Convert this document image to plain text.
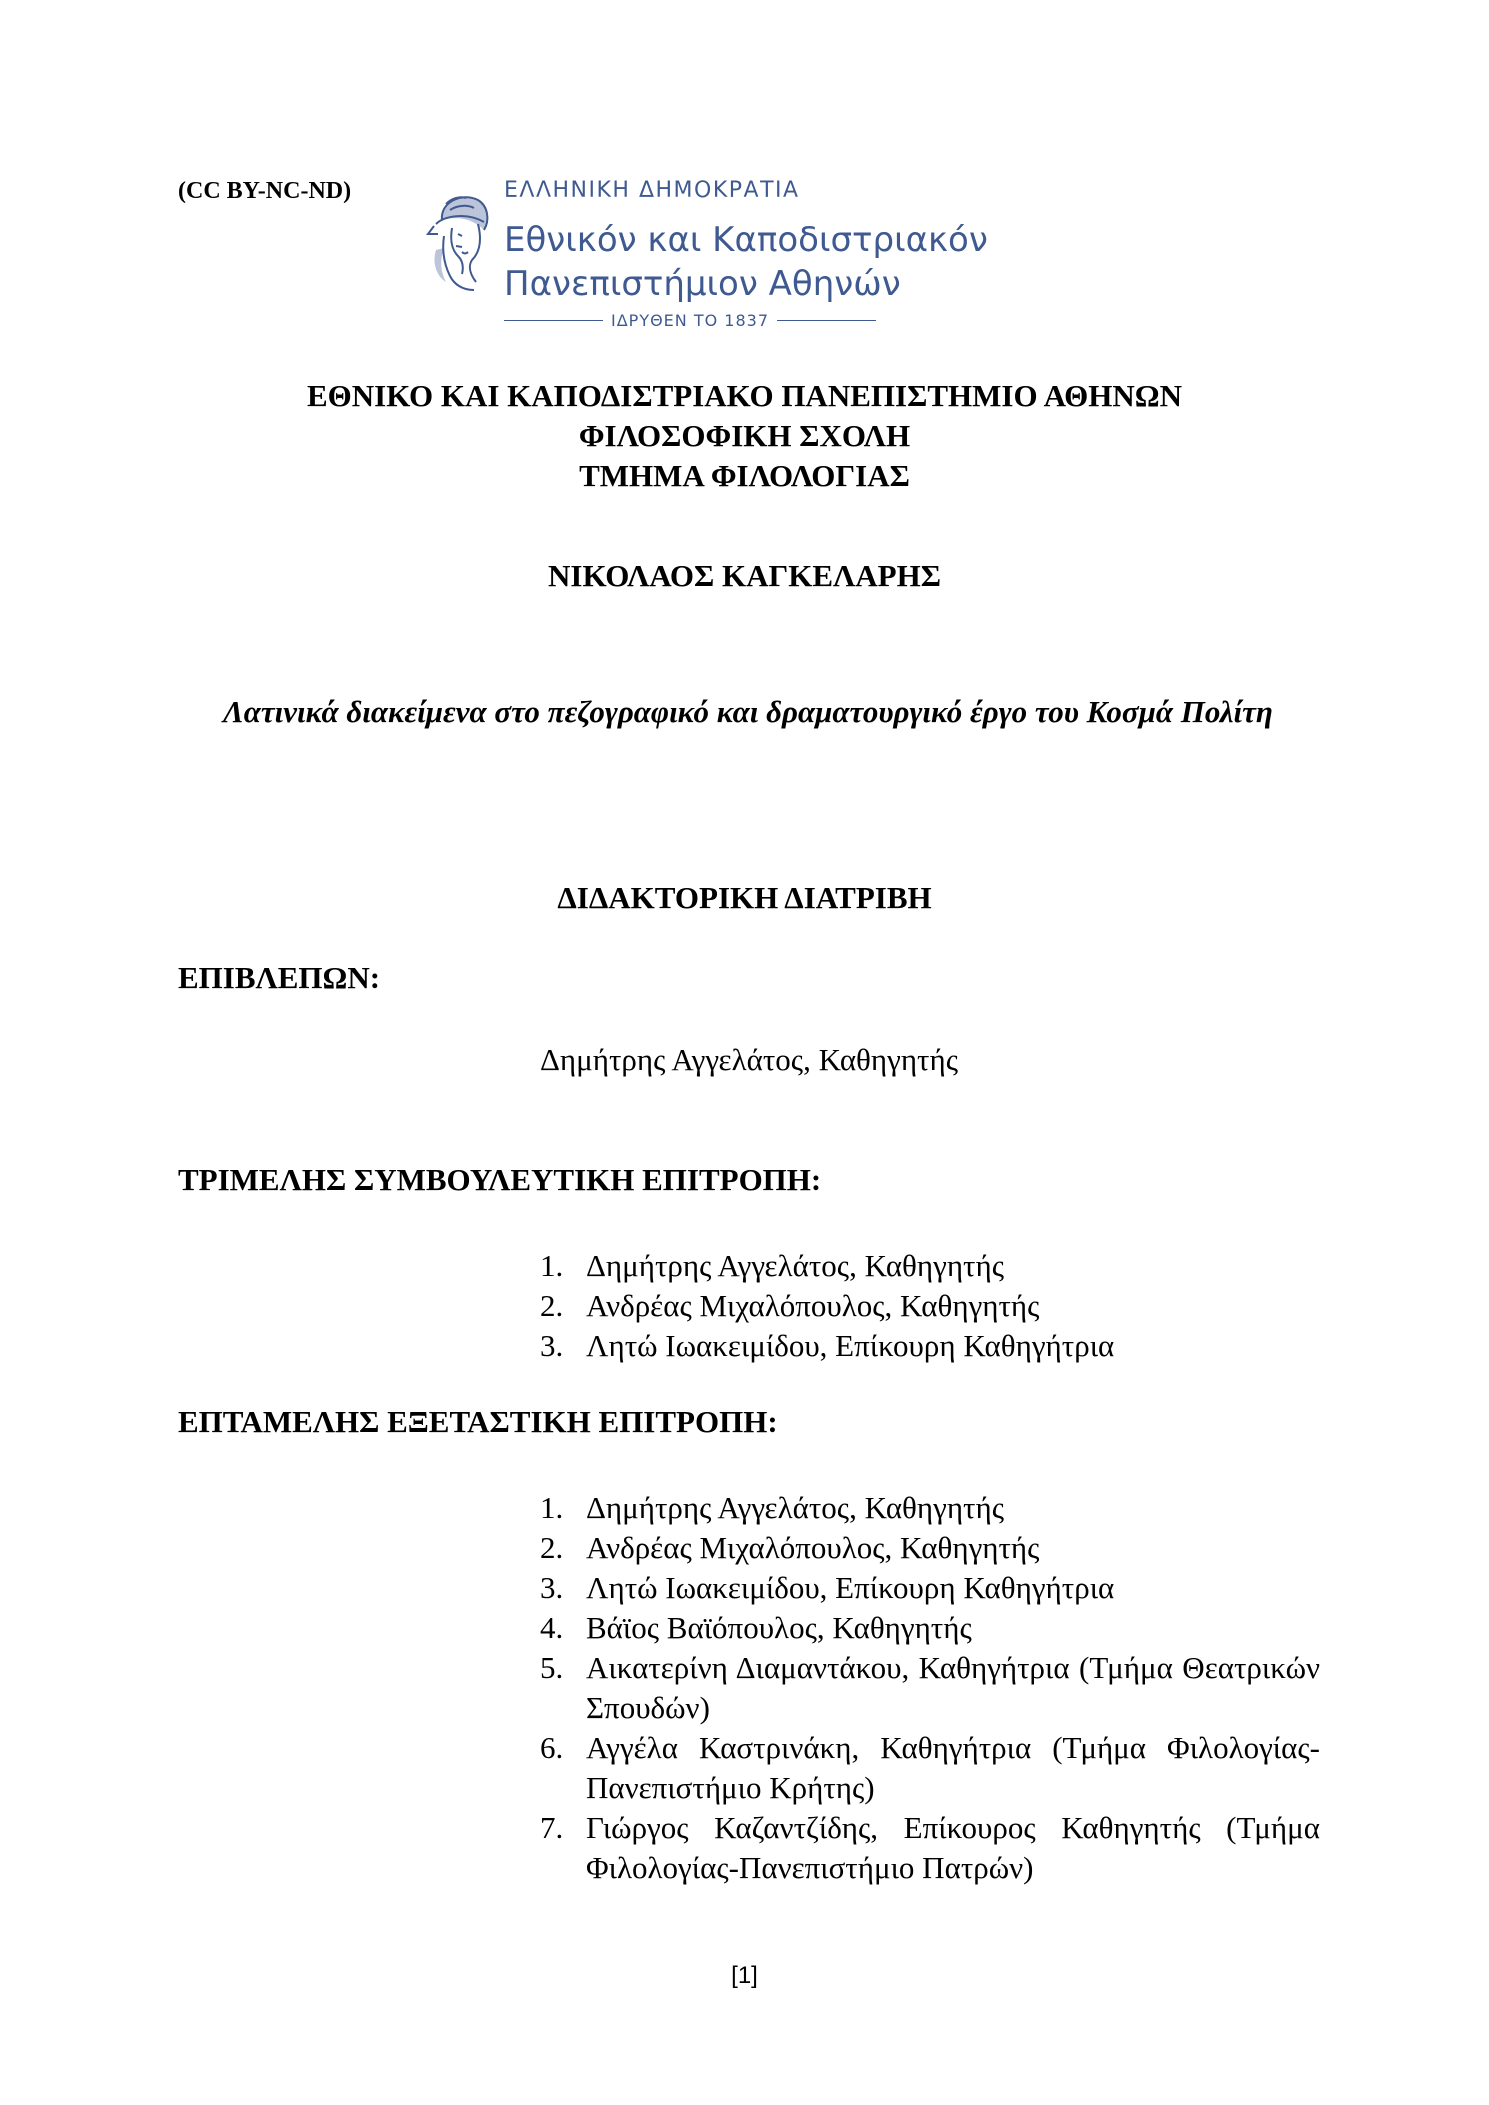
(CC BY-NC-ND)	ΕΛΛΗΝΙΚΗ ΔΗΜΟΚΡΑΤΙΑ
Εθνικόν και Καποδιστριακόν
Πανεπιστήμιον Αθηνών
ΙΔΡΥΘΕΝ ΤΟ 1837
ΕΘΝΙΚΟ ΚΑΙ ΚΑΠΟΔΙΣΤΡΙΑΚΟ ΠΑΝΕΠΙΣΤΗΜΙΟ ΑΘΗΝΩΝ
ΦΙΛΟΣΟΦΙΚΗ ΣΧΟΛΗ
ΤΜΗΜΑ ΦΙΛΟΛΟΓΙΑΣ
ΝΙΚΟΛΑΟΣ ΚΑΓΚΕΛΑΡΗΣ
Λατινικά διακείμενα στο πεζογραφικό και δραματουργικό έργο του Κοσμά Πολίτη
ΔΙΔΑΚΤΟΡΙΚΗ ΔΙΑΤΡΙΒΗ
ΕΠΙΒΛΕΠΩΝ:
Δημήτρης Αγγελάτος, Καθηγητής
ΤΡΙΜΕΛΗΣ ΣΥΜΒΟΥΛΕΥΤΙΚΗ ΕΠΙΤΡΟΠΗ:
1. Δημήτρης Αγγελάτος, Καθηγητής
2. Ανδρέας Μιχαλόπουλος, Καθηγητής
3. Λητώ Ιωακειμίδου, Επίκουρη Καθηγήτρια
ΕΠΤΑΜΕΛΗΣ ΕΞΕΤΑΣΤΙΚΗ ΕΠΙΤΡΟΠΗ:
1. Δημήτρης Αγγελάτος, Καθηγητής
2. Ανδρέας Μιχαλόπουλος, Καθηγητής
3. Λητώ Ιωακειμίδου, Επίκουρη Καθηγήτρια
4. Βάϊος Βαϊόπουλος, Καθηγητής
5. Αικατερίνη Διαμαντάκου, Καθηγήτρια (Τμήμα Θεατρικών Σπουδών)
6. Αγγέλα Καστρινάκη, Καθηγήτρια (Τμήμα Φιλολογίας-Πανεπιστήμιο Κρήτης)
7. Γιώργος Καζαντζίδης, Επίκουρος Καθηγητής (Τμήμα Φιλολογίας-Πανεπιστήμιο Πατρών)
[1]
